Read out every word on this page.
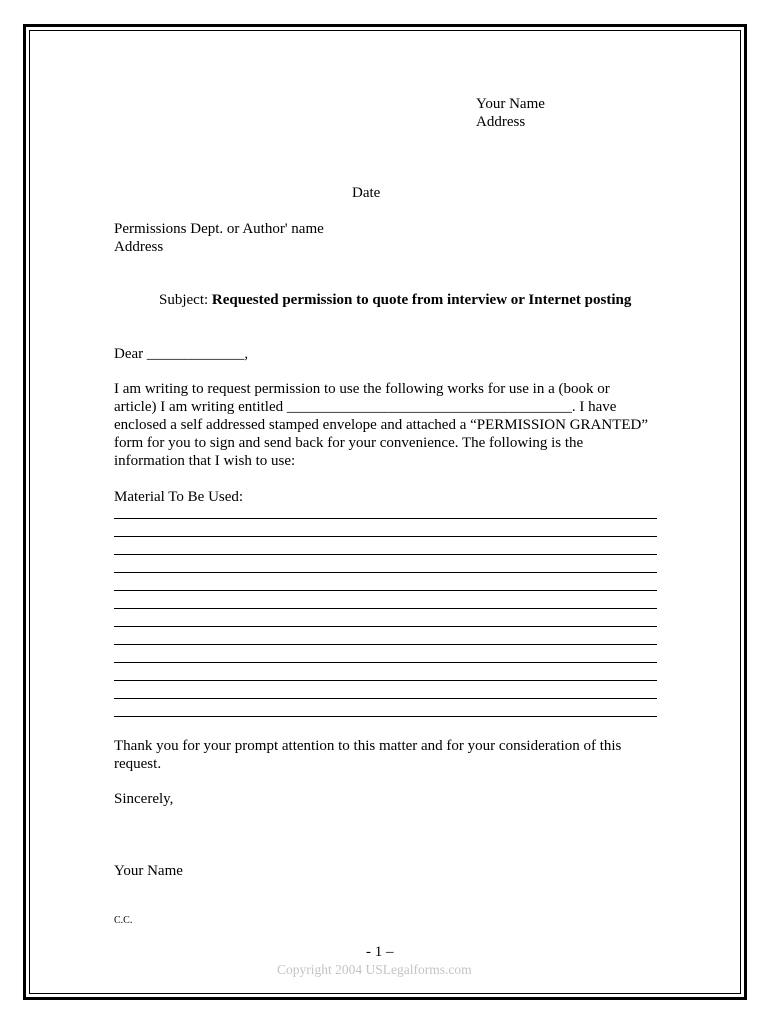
Your Name
Address
Date
Permissions Dept. or Author' name
Address
Subject: Requested permission to quote from interview or Internet posting
Dear _____________,
I am writing to request permission to use the following works for use in a (book or
article) I am writing entitled ______________________________________. I have
enclosed a self addressed stamped envelope and attached a “PERMISSION GRANTED”
form for you to sign and send back for your convenience. The following is the
information that I wish to use:
Material To Be Used:
Thank you for your prompt attention to this matter and for your consideration of this
request.
Sincerely,
Your Name
C.C.
- 1 –
Copyright 2004 USLegalforms.com
